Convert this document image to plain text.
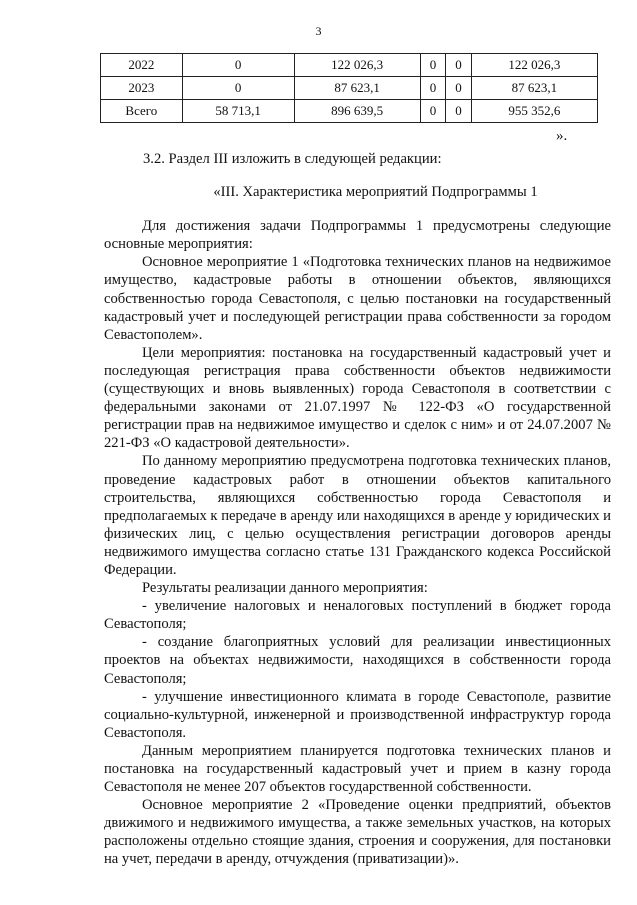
3
2022	0	122 026,3	0	0	122 026,3
2023	0	87 623,1	0	0	87 623,1
Всего	58 713,1	896 639,5	0	0	955 352,6
».
3.2. Раздел III изложить в следующей редакции:
«III. Характеристика мероприятий Подпрограммы 1

Для достижения задачи Подпрограммы 1 предусмотрены следующие основные мероприятия:

Основное мероприятие 1 «Подготовка технических планов на недвижимое имущество, кадастровые работы в отношении объектов, являющихся собственностью города Севастополя, с целью постановки на государственный кадастровый учет и последующей регистрации права собственности за городом Севастополем».

Цели мероприятия: постановка на государственный кадастровый учет и последующая регистрация права собственности объектов недвижимости (существующих и вновь выявленных) города Севастополя в соответствии с федеральными законами от 21.07.1997 № 122-ФЗ «О государственной регистрации прав на недвижимое имущество и сделок с ним» и от 24.07.2007 № 221-ФЗ «О кадастровой деятельности».

По данному мероприятию предусмотрена подготовка технических планов, проведение кадастровых работ в отношении объектов капитального строительства, являющихся собственностью города Севастополя и предполагаемых к передаче в аренду или находящихся в аренде у юридических и физических лиц, с целью осуществления регистрации договоров аренды недвижимого имущества согласно статье 131 Гражданского кодекса Российской Федерации.

Результаты реализации данного мероприятия:

- увеличение налоговых и неналоговых поступлений в бюджет города Севастополя;

- создание благоприятных условий для реализации инвестиционных проектов на объектах недвижимости, находящихся в собственности города Севастополя;

- улучшение инвестиционного климата в городе Севастополе, развитие социально-культурной, инженерной и производственной инфраструктур города Севастополя.

Данным мероприятием планируется подготовка технических планов и постановка на государственный кадастровый учет и прием в казну города Севастополя не менее 207 объектов государственной собственности.

Основное мероприятие 2 «Проведение оценки предприятий, объектов движимого и недвижимого имущества, а также земельных участков, на которых расположены отдельно стоящие здания, строения и сооружения, для постановки на учет, передачи в аренду, отчуждения (приватизации)».
